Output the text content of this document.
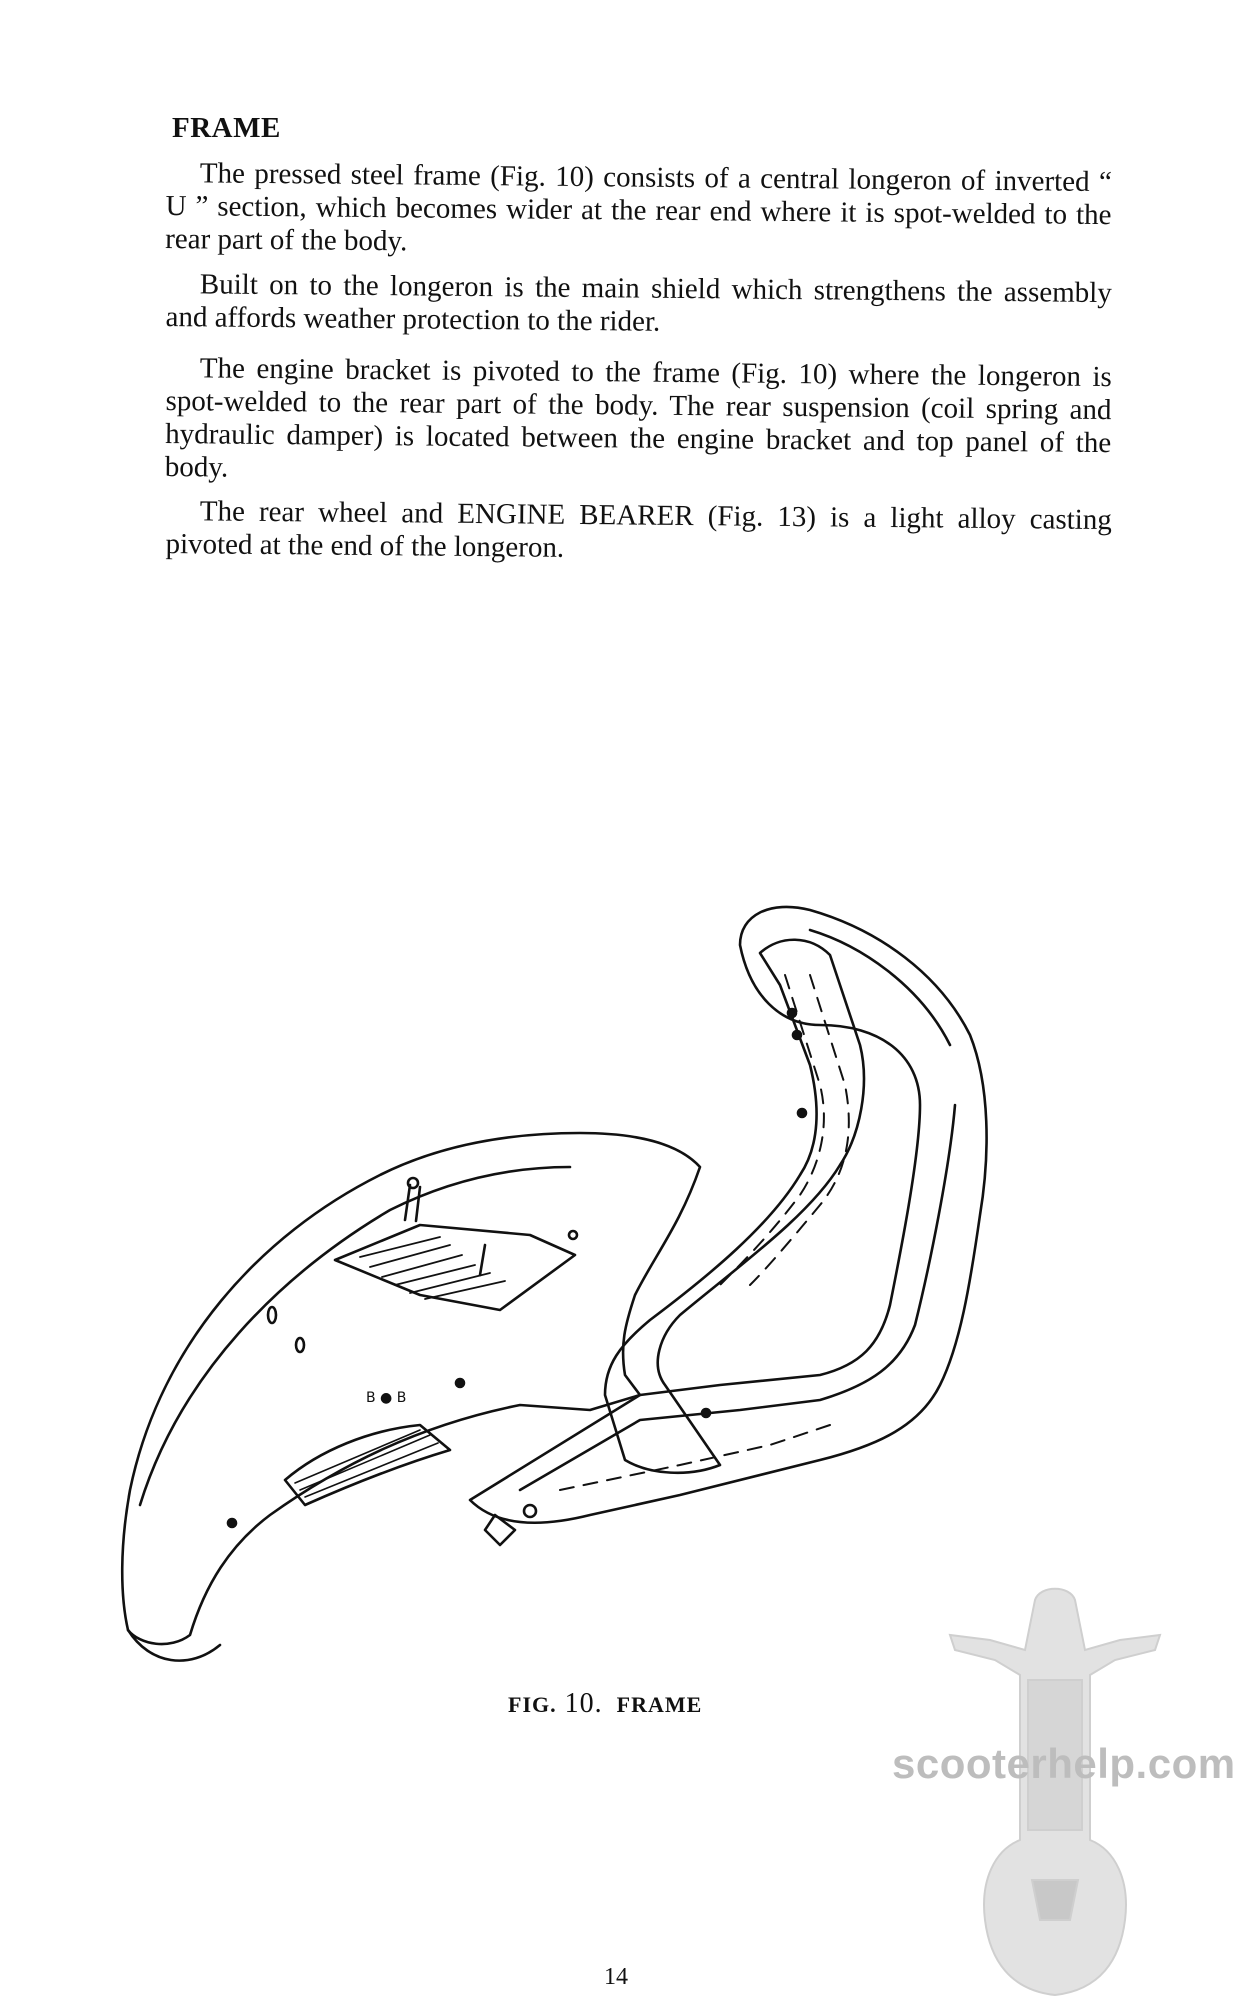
FRAME

The pressed steel frame (Fig. 10) consists of a central longeron of inverted “ U ” section, which becomes wider at the rear end where it is spot-welded to the rear part of the body.

Built on to the longeron is the main shield which strengthens the assembly and affords weather protection to the rider.

The engine bracket is pivoted to the frame (Fig. 10) where the longeron is spot-welded to the rear part of the body. The rear suspension (coil spring and hydraulic damper) is located between the engine bracket and top panel of the body.

The rear wheel and ENGINE BEARER (Fig. 13) is a light alloy casting pivoted at the end of the longeron.

B ● B
FIG. 10. FRAME
scooterhelp.com
14
